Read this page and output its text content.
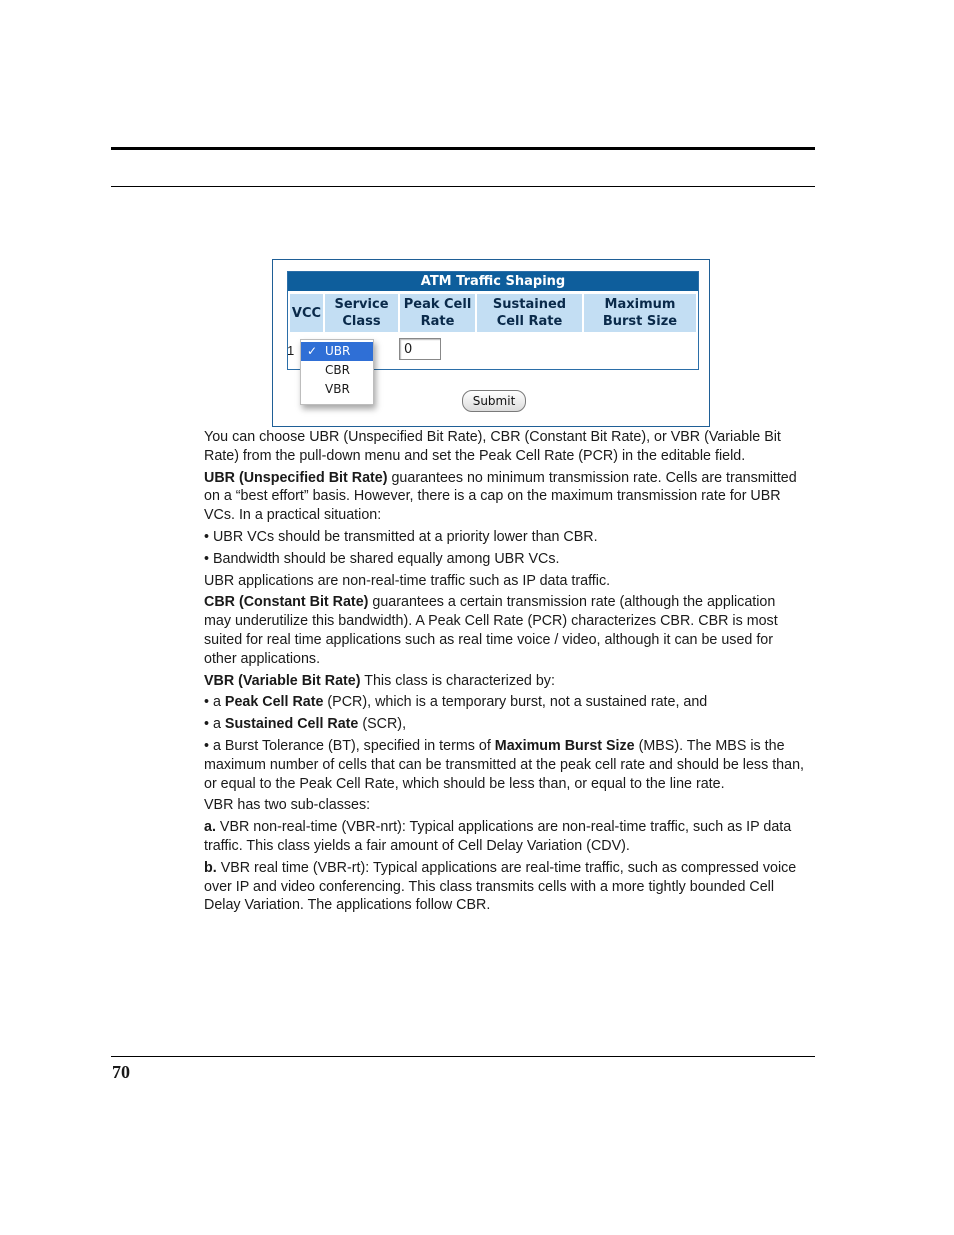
ATM Traffic Shaping
VCC
Service Class
Peak Cell Rate
Sustained Cell Rate
Maximum Burst Size
1	0
✓ UBR
CBR
VBR
Submit

You can choose UBR (Unspecified Bit Rate), CBR (Constant Bit Rate), or VBR (Variable Bit Rate) from the pull-down menu and set the Peak Cell Rate (PCR) in the editable field.

UBR (Unspecified Bit Rate) guarantees no minimum transmission rate. Cells are transmitted on a “best effort” basis. However, there is a cap on the maximum transmission rate for UBR VCs. In a practical situation:

• UBR VCs should be transmitted at a priority lower than CBR.

• Bandwidth should be shared equally among UBR VCs.

UBR applications are non-real-time traffic such as IP data traffic.

CBR (Constant Bit Rate) guarantees a certain transmission rate (although the application may underutilize this bandwidth). A Peak Cell Rate (PCR) characterizes CBR. CBR is most suited for real time applications such as real time voice / video, although it can be used for other applications.

VBR (Variable Bit Rate) This class is characterized by:

• a Peak Cell Rate (PCR), which is a temporary burst, not a sustained rate, and

• a Sustained Cell Rate (SCR),

• a Burst Tolerance (BT), specified in terms of Maximum Burst Size (MBS). The MBS is the maximum number of cells that can be transmitted at the peak cell rate and should be less than, or equal to the Peak Cell Rate, which should be less than, or equal to the line rate.

VBR has two sub-classes:

a. VBR non-real-time (VBR-nrt): Typical applications are non-real-time traffic, such as IP data traffic. This class yields a fair amount of Cell Delay Variation (CDV).

b. VBR real time (VBR-rt): Typical applications are real-time traffic, such as compressed voice over IP and video conferencing. This class transmits cells with a more tightly bounded Cell Delay Variation. The applications follow CBR.

70
